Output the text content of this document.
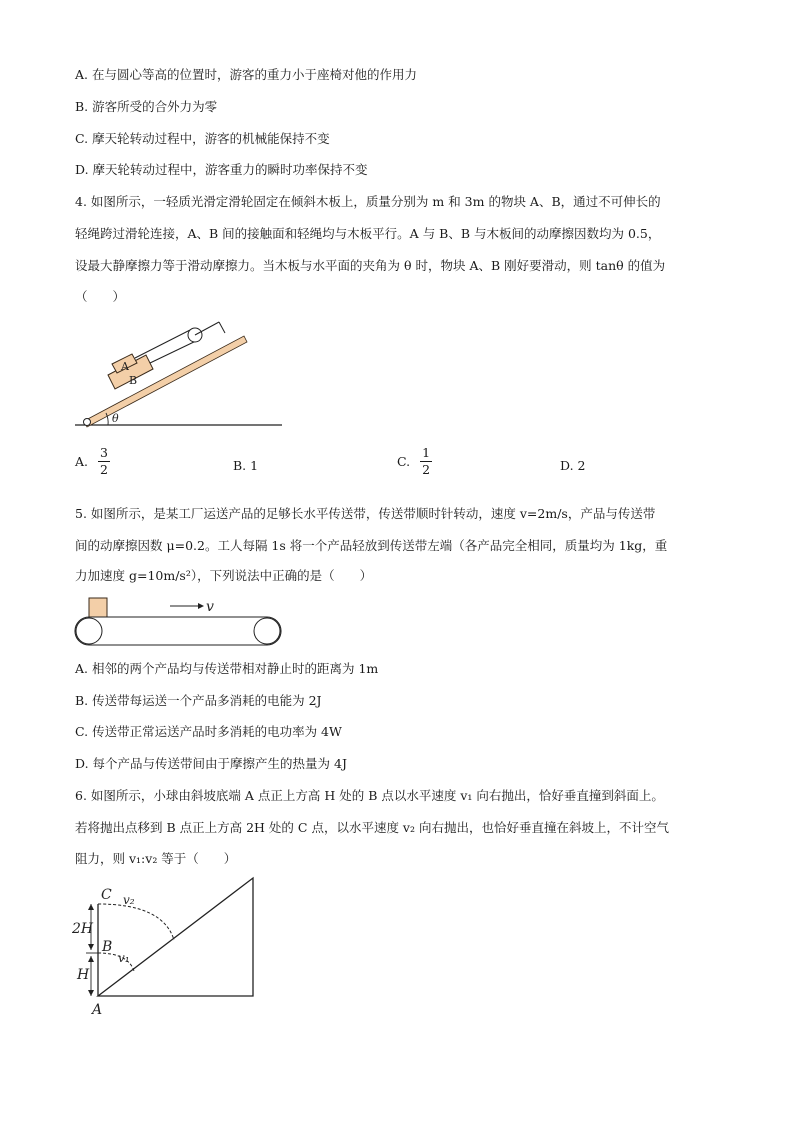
A. 在与圆心等高的位置时，游客的重力小于座椅对他的作用力
B. 游客所受的合外力为零
C. 摩天轮转动过程中，游客的机械能保持不变
D. 摩天轮转动过程中，游客重力的瞬时功率保持不变
4. 如图所示，一轻质光滑定滑轮固定在倾斜木板上，质量分别为 m 和 3m 的物块 A、B，通过不可伸长的
轻绳跨过滑轮连接，A、B 间的接触面和轻绳均与木板平行。A 与 B、B 与木板间的动摩擦因数均为 0.5，
设最大静摩擦力等于滑动摩擦力。当木板与水平面的夹角为 θ 时，物块 A、B 刚好要滑动，则 tanθ 的值为
（　　）
θ
B
A
A. $\frac{3}{2}$	B. 1	C. $\frac{1}{2}$	D. 2
5. 如图所示，是某工厂运送产品的足够长水平传送带，传送带顺时针转动，速度 v=2m/s，产品与传送带
间的动摩擦因数 μ=0.2。工人每隔 1s 将一个产品轻放到传送带左端（各产品完全相同，质量均为 1kg，重
力加速度 g=10m/s²），下列说法中正确的是（　　）
v
A. 相邻的两个产品均与传送带相对静止时的距离为 1m
B. 传送带每运送一个产品多消耗的电能为 2J
C. 传送带正常运送产品时多消耗的电功率为 4W
D. 每个产品与传送带间由于摩擦产生的热量为 4J
6. 如图所示，小球由斜坡底端 A 点正上方高 H 处的 B 点以水平速度 v₁ 向右抛出，恰好垂直撞到斜面上。
若将抛出点移到 B 点正上方高 2H 处的 C 点，以水平速度 v₂ 向右抛出，也恰好垂直撞在斜坡上，不计空气
阻力，则 v₁:v₂ 等于（　　）
C v₂
2H
B
v₁
H
A
